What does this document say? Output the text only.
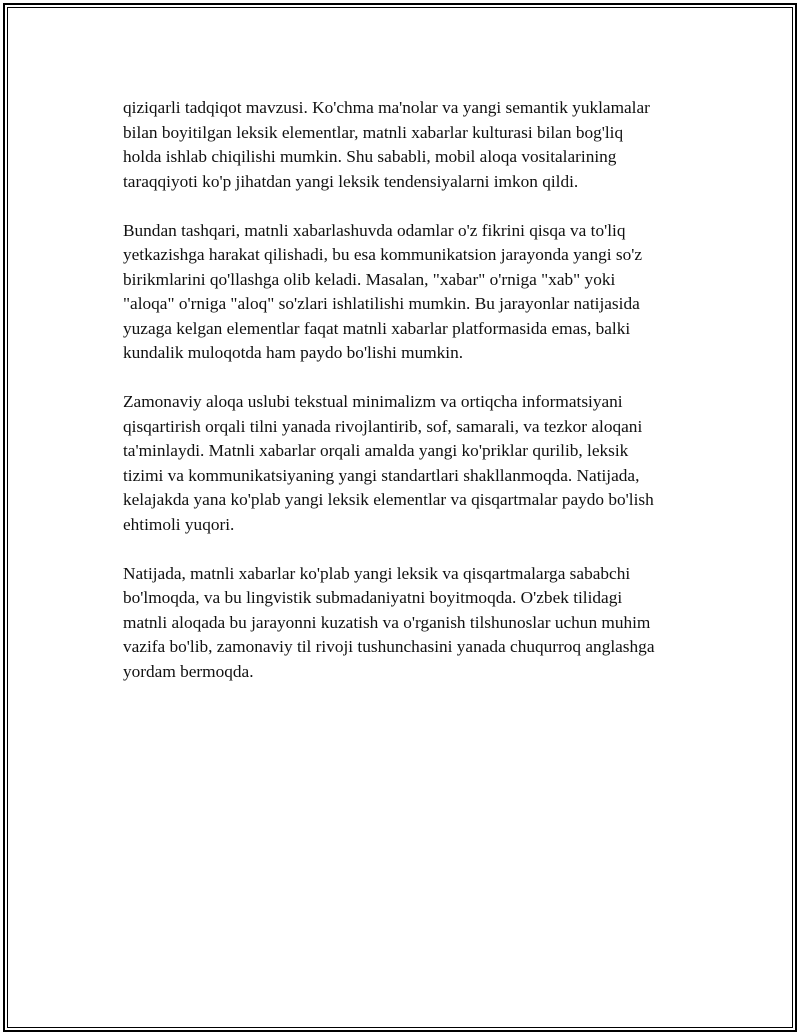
qiziqarli tadqiqot mavzusi. Ko'chma ma'nolar va yangi semantik yuklamalar
bilan boyitilgan leksik elementlar, matnli xabarlar kulturasi bilan bog'liq
holda ishlab chiqilishi mumkin. Shu sababli, mobil aloqa vositalarining
taraqqiyoti ko'p jihatdan yangi leksik tendensiyalarni imkon qildi.

Bundan tashqari, matnli xabarlashuvda odamlar o'z fikrini qisqa va to'liq
yetkazishga harakat qilishadi, bu esa kommunikatsion jarayonda yangi so'z
birikmlarini qo'llashga olib keladi. Masalan, "xabar" o'rniga "xab" yoki
"aloqa" o'rniga "aloq" so'zlari ishlatilishi mumkin. Bu jarayonlar natijasida
yuzaga kelgan elementlar faqat matnli xabarlar platformasida emas, balki
kundalik muloqotda ham paydo bo'lishi mumkin.

Zamonaviy aloqa uslubi tekstual minimalizm va ortiqcha informatsiyani
qisqartirish orqali tilni yanada rivojlantirib, sof, samarali, va tezkor aloqani
ta'minlaydi. Matnli xabarlar orqali amalda yangi ko'priklar qurilib, leksik
tizimi va kommunikatsiyaning yangi standartlari shakllanmoqda. Natijada,
kelajakda yana ko'plab yangi leksik elementlar va qisqartmalar paydo bo'lish
ehtimoli yuqori.

Natijada, matnli xabarlar ko'plab yangi leksik va qisqartmalarga sababchi
bo'lmoqda, va bu lingvistik submadaniyatni boyitmoqda. O'zbek tilidagi
matnli aloqada bu jarayonni kuzatish va o'rganish tilshunoslar uchun muhim
vazifa bo'lib, zamonaviy til rivoji tushunchasini yanada chuqurroq anglashga
yordam bermoqda.
